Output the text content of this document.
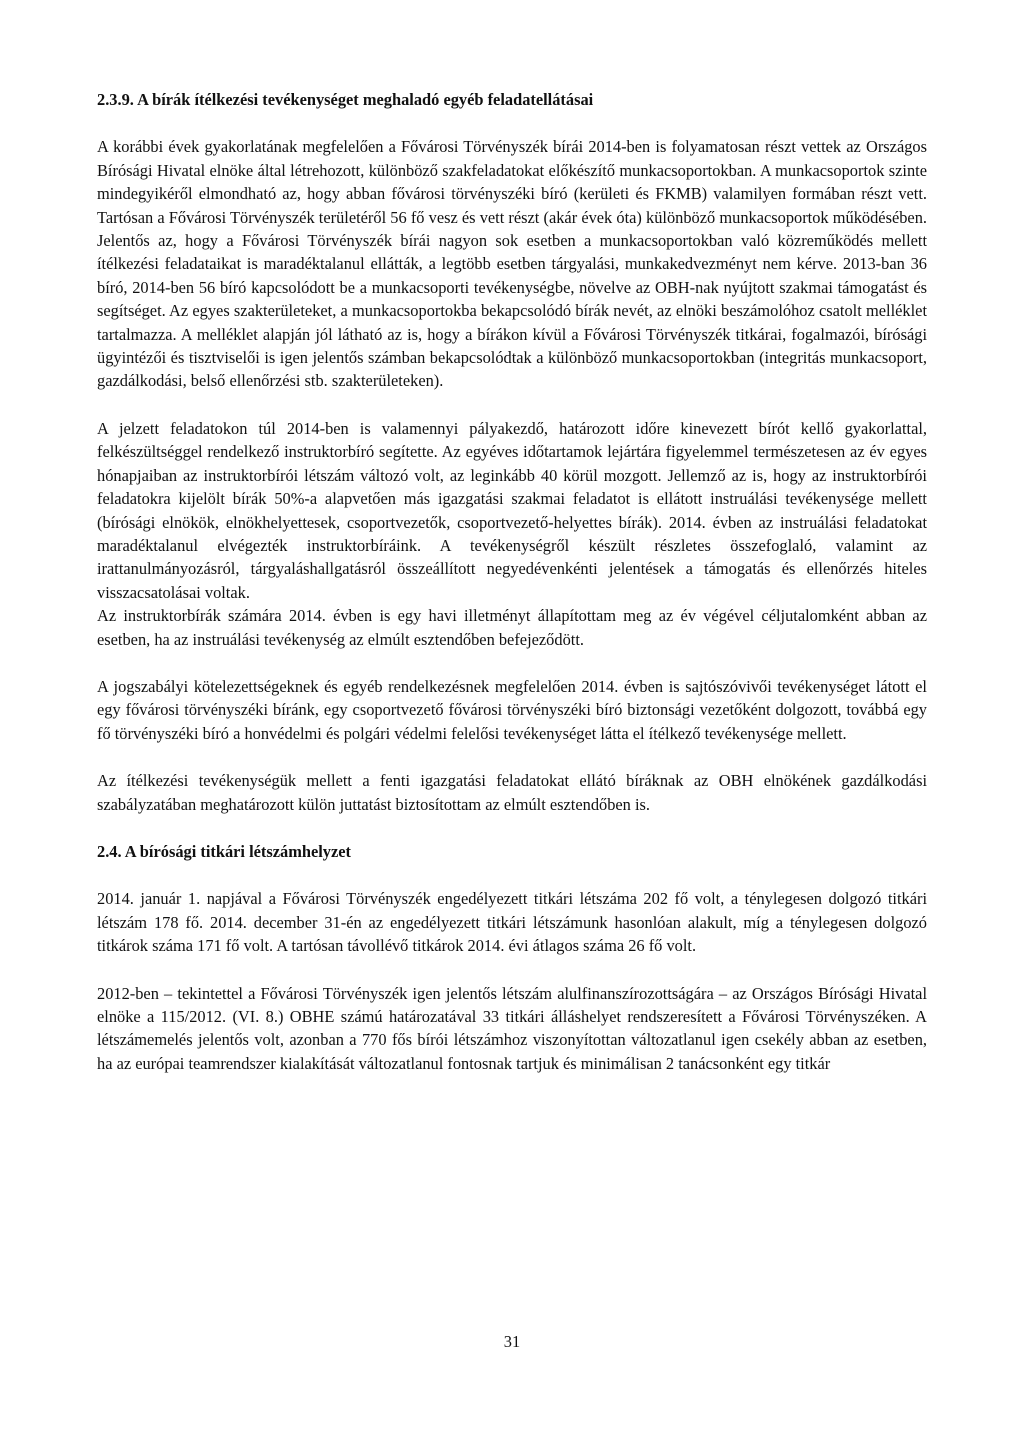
2.3.9. A bírák ítélkezési tevékenységet meghaladó egyéb feladatellátásai

A korábbi évek gyakorlatának megfelelően a Fővárosi Törvényszék bírái 2014-ben is folyamatosan részt vettek az Országos Bírósági Hivatal elnöke által létrehozott, különböző szakfeladatokat előkészítő munkacsoportokban. A munkacsoportok szinte mindegyikéről elmondható az, hogy abban fővárosi törvényszéki bíró (kerületi és FKMB) valamilyen formában részt vett. Tartósan a Fővárosi Törvényszék területéről 56 fő vesz és vett részt (akár évek óta) különböző munkacsoportok működésében. Jelentős az, hogy a Fővárosi Törvényszék bírái nagyon sok esetben a munkacsoportokban való közreműködés mellett ítélkezési feladataikat is maradéktalanul ellátták, a legtöbb esetben tárgyalási, munkakedvezményt nem kérve. 2013-ban 36 bíró, 2014-ben 56 bíró kapcsolódott be a munkacsoporti tevékenységbe, növelve az OBH-nak nyújtott szakmai támogatást és segítséget. Az egyes szakterületeket, a munkacsoportokba bekapcsolódó bírák nevét, az elnöki beszámolóhoz csatolt melléklet tartalmazza. A melléklet alapján jól látható az is, hogy a bírákon kívül a Fővárosi Törvényszék titkárai, fogalmazói, bírósági ügyintézői és tisztviselői is igen jelentős számban bekapcsolódtak a különböző munkacsoportokban (integritás munkacsoport, gazdálkodási, belső ellenőrzési stb. szakterületeken).

A jelzett feladatokon túl 2014-ben is valamennyi pályakezdő, határozott időre kinevezett bírót kellő gyakorlattal, felkészültséggel rendelkező instruktorbíró segítette. Az egyéves időtartamok lejártára figyelemmel természetesen az év egyes hónapjaiban az instruktorbírói létszám változó volt, az leginkább 40 körül mozgott. Jellemző az is, hogy az instruktorbírói feladatokra kijelölt bírák 50%-a alapvetően más igazgatási szakmai feladatot is ellátott instruálási tevékenysége mellett (bírósági elnökök, elnökhelyettesek, csoportvezetők, csoportvezető-helyettes bírák). 2014. évben az instruálási feladatokat maradéktalanul elvégezték instruktorbíráink. A tevékenységről készült részletes összefoglaló, valamint az irattanulmányozásról, tárgyaláshallgatásról összeállított negyedévenkénti jelentések a támogatás és ellenőrzés hiteles visszacsatolásai voltak.

Az instruktorbírák számára 2014. évben is egy havi illetményt állapítottam meg az év végével céljutalomként abban az esetben, ha az instruálási tevékenység az elmúlt esztendőben befejeződött.

A jogszabályi kötelezettségeknek és egyéb rendelkezésnek megfelelően 2014. évben is sajtószóvivői tevékenységet látott el egy fővárosi törvényszéki bíránk, egy csoportvezető fővárosi törvényszéki bíró biztonsági vezetőként dolgozott, továbbá egy fő törvényszéki bíró a honvédelmi és polgári védelmi felelősi tevékenységet látta el ítélkező tevékenysége mellett.

Az ítélkezési tevékenységük mellett a fenti igazgatási feladatokat ellátó bíráknak az OBH elnökének gazdálkodási szabályzatában meghatározott külön juttatást biztosítottam az elmúlt esztendőben is.

2.4. A bírósági titkári létszámhelyzet

2014. január 1. napjával a Fővárosi Törvényszék engedélyezett titkári létszáma 202 fő volt, a ténylegesen dolgozó titkári létszám 178 fő. 2014. december 31-én az engedélyezett titkári létszámunk hasonlóan alakult, míg a ténylegesen dolgozó titkárok száma 171 fő volt. A tartósan távollévő titkárok 2014. évi átlagos száma 26 fő volt.

2012-ben – tekintettel a Fővárosi Törvényszék igen jelentős létszám alulfinanszírozottságára – az Országos Bírósági Hivatal elnöke a 115/2012. (VI. 8.) OBHE számú határozatával 33 titkári álláshelyet rendszeresített a Fővárosi Törvényszéken. A létszámemelés jelentős volt, azonban a 770 fős bírói létszámhoz viszonyítottan változatlanul igen csekély abban az esetben, ha az európai teamrendszer kialakítását változatlanul fontosnak tartjuk és minimálisan 2 tanácsonként egy titkár

31
